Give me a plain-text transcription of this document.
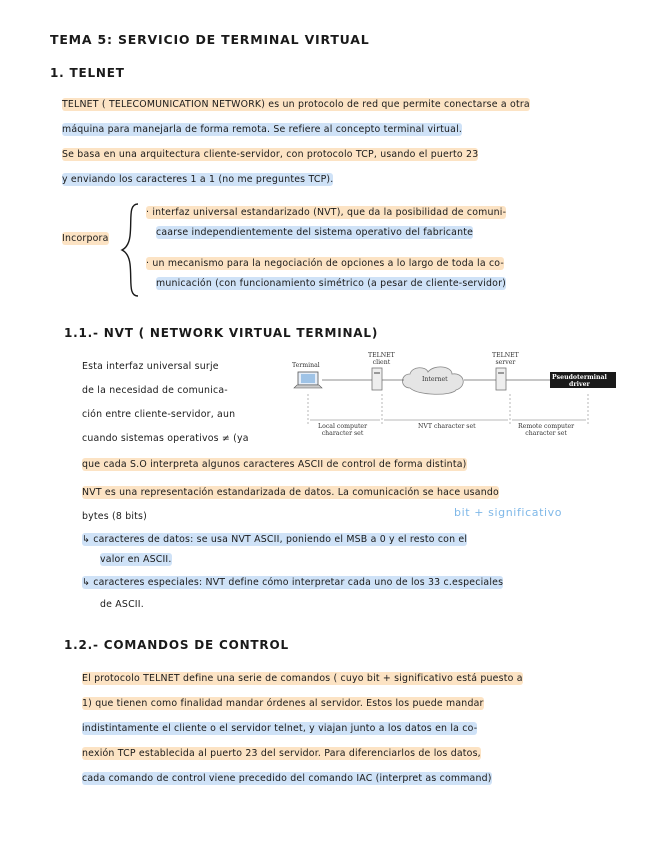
TEMA 5: SERVICIO DE TERMINAL VIRTUAL
1. TELNET
TELNET ( TELECOMUNICATION NETWORK) es un protocolo de red que permite conectarse a otra
máquina para manejarla de forma remota. Se refiere al concepto terminal virtual.
Se basa en una arquitectura cliente-servidor, con protocolo TCP, usando el puerto 23
y enviando los caracteres 1 a 1 (no me preguntes TCP).
Incorpora
· interfaz universal estandarizado (NVT), que da la posibilidad de comuni-
caarse independientemente del sistema operativo del fabricante
· un mecanismo para la negociación de opciones a lo largo de toda la co-
municación (con funcionamiento simétrico (a pesar de cliente-servidor)
1.1.- NVT ( NETWORK VIRTUAL TERMINAL)
Esta interfaz universal surje
de la necesidad de comunica-
ción entre cliente-servidor, aun
cuando sistemas operativos ≠ (ya
Terminal
TELNET
client
Internet
TELNET
server
Pseudoterminal
driver
Local computer
character set
NVT character set	Remote computer
character set
que cada S.O interpreta algunos caracteres ASCII de control de forma distinta)
NVT es una representación estandarizada de datos. La comunicación se hace usando
bytes (8 bits)	bit + significativo
↳ caracteres de datos: se usa NVT ASCII, poniendo el MSB a 0 y el resto con el
valor en ASCII.
↳ caracteres especiales: NVT define cómo interpretar cada uno de los 33 c.especiales
de ASCII.
1.2.- COMANDOS DE CONTROL
El protocolo TELNET define una serie de comandos ( cuyo bit + significativo está puesto a
1) que tienen como finalidad mandar órdenes al servidor. Estos los puede mandar
indistintamente el cliente o el servidor telnet, y viajan junto a los datos en la co-
nexión TCP establecida al puerto 23 del servidor. Para diferenciarlos de los datos,
cada comando de control viene precedido del comando IAC (interpret as command)
